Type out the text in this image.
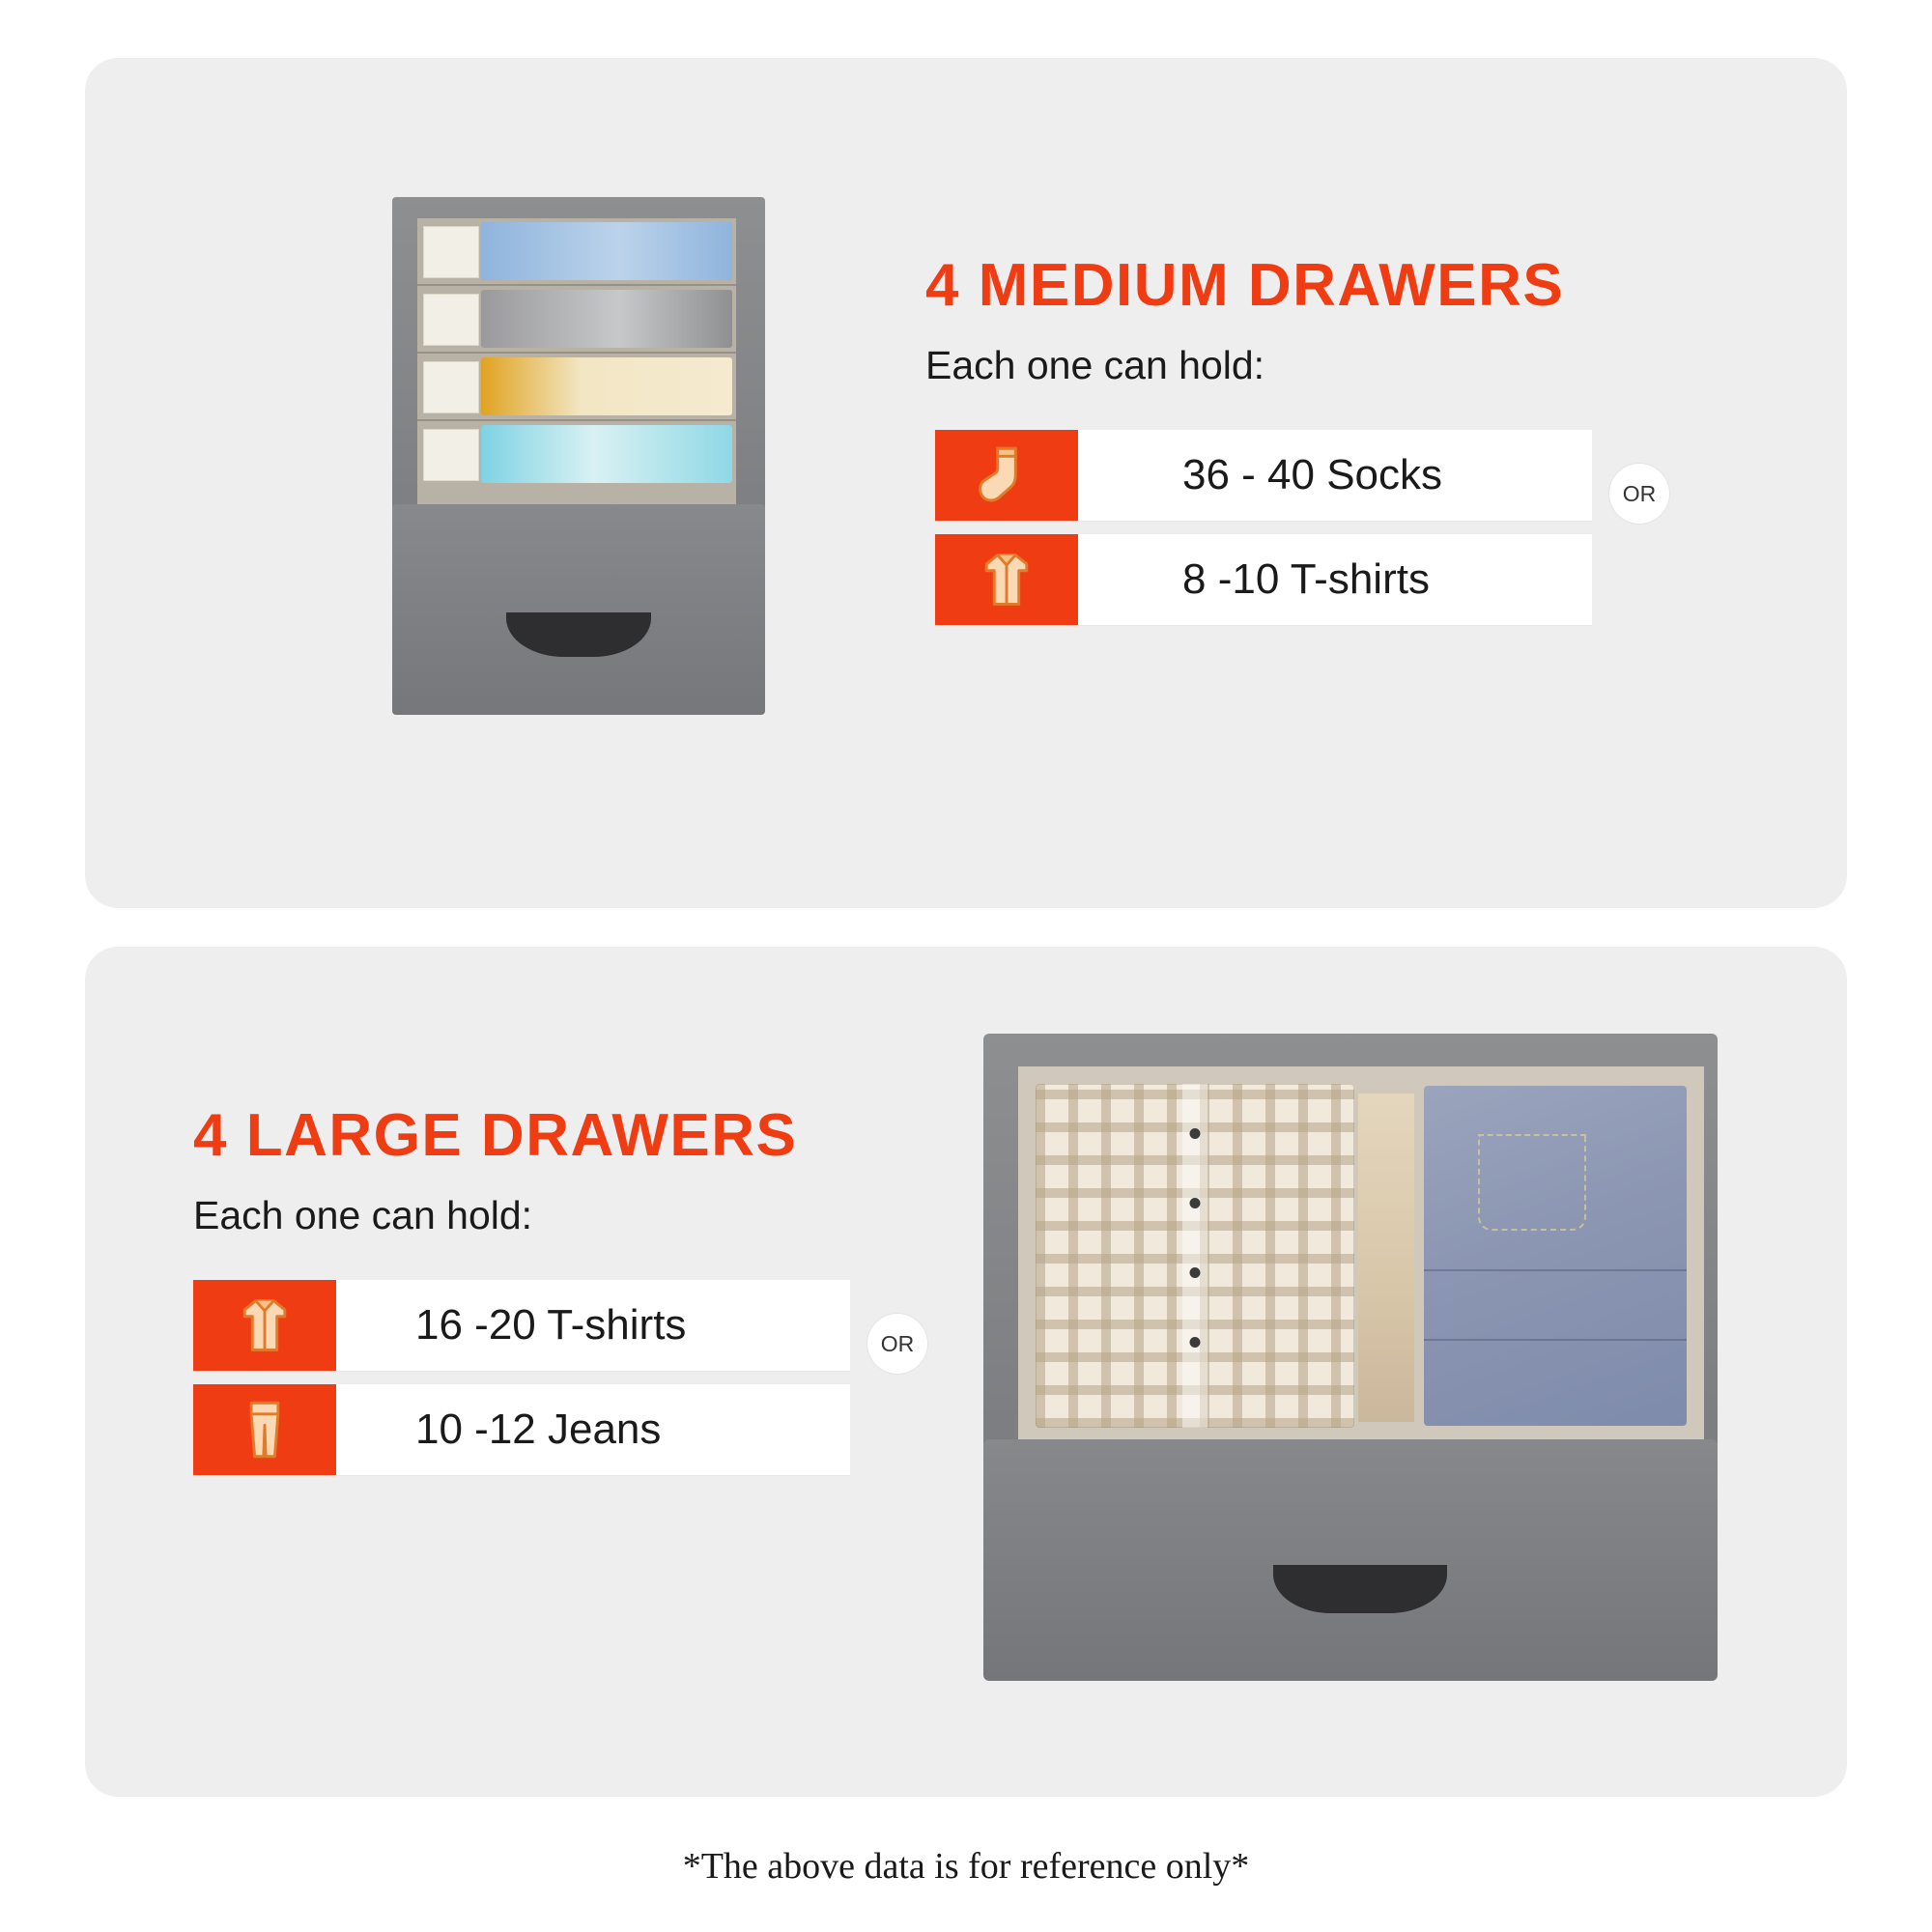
4 MEDIUM DRAWERS
Each one can hold:
36 - 40 Socks
8 -10 T-shirts
OR
4 LARGE DRAWERS
Each one can hold:
16 -20 T-shirts
10 -12 Jeans
OR
*The above data is for reference only*
